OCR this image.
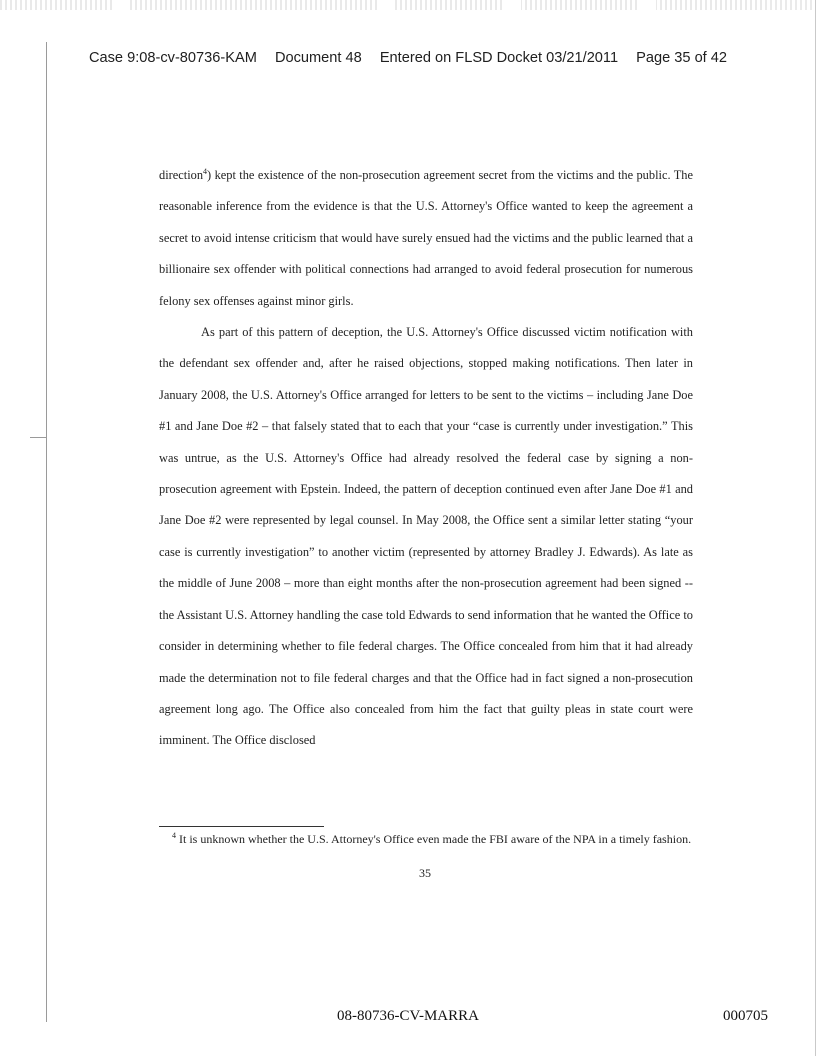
Case 9:08-cv-80736-KAM Document 48 Entered on FLSD Docket 03/21/2011 Page 35 of 42

direction$^4$) kept the existence of the non-prosecution agreement secret from the victims and the public. The reasonable inference from the evidence is that the U.S. Attorney's Office wanted to keep the agreement a secret to avoid intense criticism that would have surely ensued had the victims and the public learned that a billionaire sex offender with political connections had arranged to avoid federal prosecution for numerous felony sex offenses against minor girls.

As part of this pattern of deception, the U.S. Attorney's Office discussed victim notification with the defendant sex offender and, after he raised objections, stopped making notifications. Then later in January 2008, the U.S. Attorney's Office arranged for letters to be sent to the victims – including Jane Doe #1 and Jane Doe #2 – that falsely stated that to each that your “case is currently under investigation.” This was untrue, as the U.S. Attorney's Office had already resolved the federal case by signing a non-prosecution agreement with Epstein. Indeed, the pattern of deception continued even after Jane Doe #1 and Jane Doe #2 were represented by legal counsel. In May 2008, the Office sent a similar letter stating “your case is currently investigation” to another victim (represented by attorney Bradley J. Edwards). As late as the middle of June 2008 – more than eight months after the non-prosecution agreement had been signed -- the Assistant U.S. Attorney handling the case told Edwards to send information that he wanted the Office to consider in determining whether to file federal charges. The Office concealed from him that it had already made the determination not to file federal charges and that the Office had in fact signed a non-prosecution agreement long ago. The Office also concealed from him the fact that guilty pleas in state court were imminent. The Office disclosed

$^4$ It is unknown whether the U.S. Attorney's Office even made the FBI aware of the NPA in a timely fashion.

35
08-80736-CV-MARRA	000705
